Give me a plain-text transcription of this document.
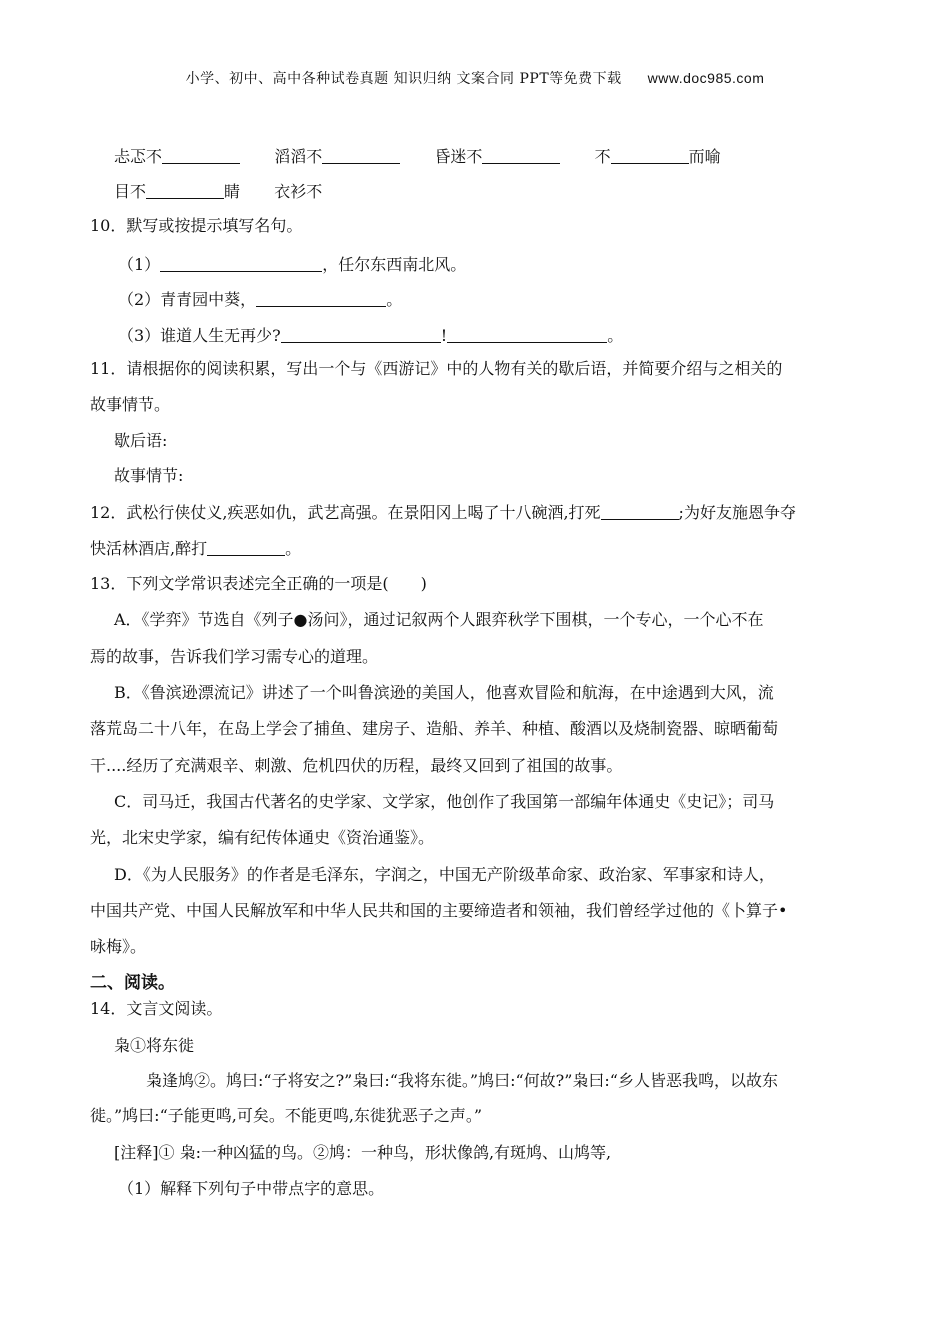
小学、初中、高中各种试卷真题 知识归纳 文案合同 PPT等免费下载 www.doc985.com
忐忑不	滔滔不	昏迷不	不	而喻
目不	睛 衣衫不
10．默写或按提示填写名句。
（1）	，任尔东西南北风。
（2）青青园中葵，	。
（3）谁道人生无再少?	!	。
11．请根据你的阅读积累，写出一个与《西游记》中的人物有关的歇后语，并简要介绍与之相关的
故事情节。
歇后语:
故事情节:
12．武松行侠仗义,疾恶如仇，武艺高强。在景阳冈上喝了十八碗酒,打死	;为好友施恩争夺
快活林酒店,醉打	。
13．下列文学常识表述完全正确的一项是(　　)
A．《学弈》节选自《列子●汤问》，通过记叙两个人跟弈秋学下围棋，一个专心，一个心不在
焉的故事，告诉我们学习需专心的道理。
B．《鲁滨逊漂流记》讲述了一个叫鲁滨逊的美国人，他喜欢冒险和航海，在中途遇到大风，流
落荒岛二十八年，在岛上学会了捕鱼、建房子、造船、养羊、种植、酸酒以及烧制瓷器、晾晒葡萄
干....经历了充满艰辛、刺激、危机四伏的历程，最终又回到了祖国的故事。
C．司马迁，我国古代著名的史学家、文学家，他创作了我国第一部编年体通史《史记》；司马
光，北宋史学家，编有纪传体通史《资治通鉴》。
D．《为人民服务》的作者是毛泽东，字润之，中国无产阶级革命家、政治家、军事家和诗人，
中国共产党、中国人民解放军和中华人民共和国的主要缔造者和领袖，我们曾经学过他的《卜算子•
咏梅》。
二、阅读。
14．文言文阅读。
枭①将东徙
枭逢鸠②。鸠曰:“子将安之?”枭曰:“我将东徙。”鸠曰:“何故?”枭曰:“乡人皆恶我鸣，以故东
徙。”鸠曰:“子能更鸣,可矣。不能更鸣,东徙犹恶子之声。”
[注释]① 枭:一种凶猛的鸟。②鸠：一种鸟，形状像鸽,有斑鸠、山鸠等,
（1）解释下列句子中带点字的意思。
